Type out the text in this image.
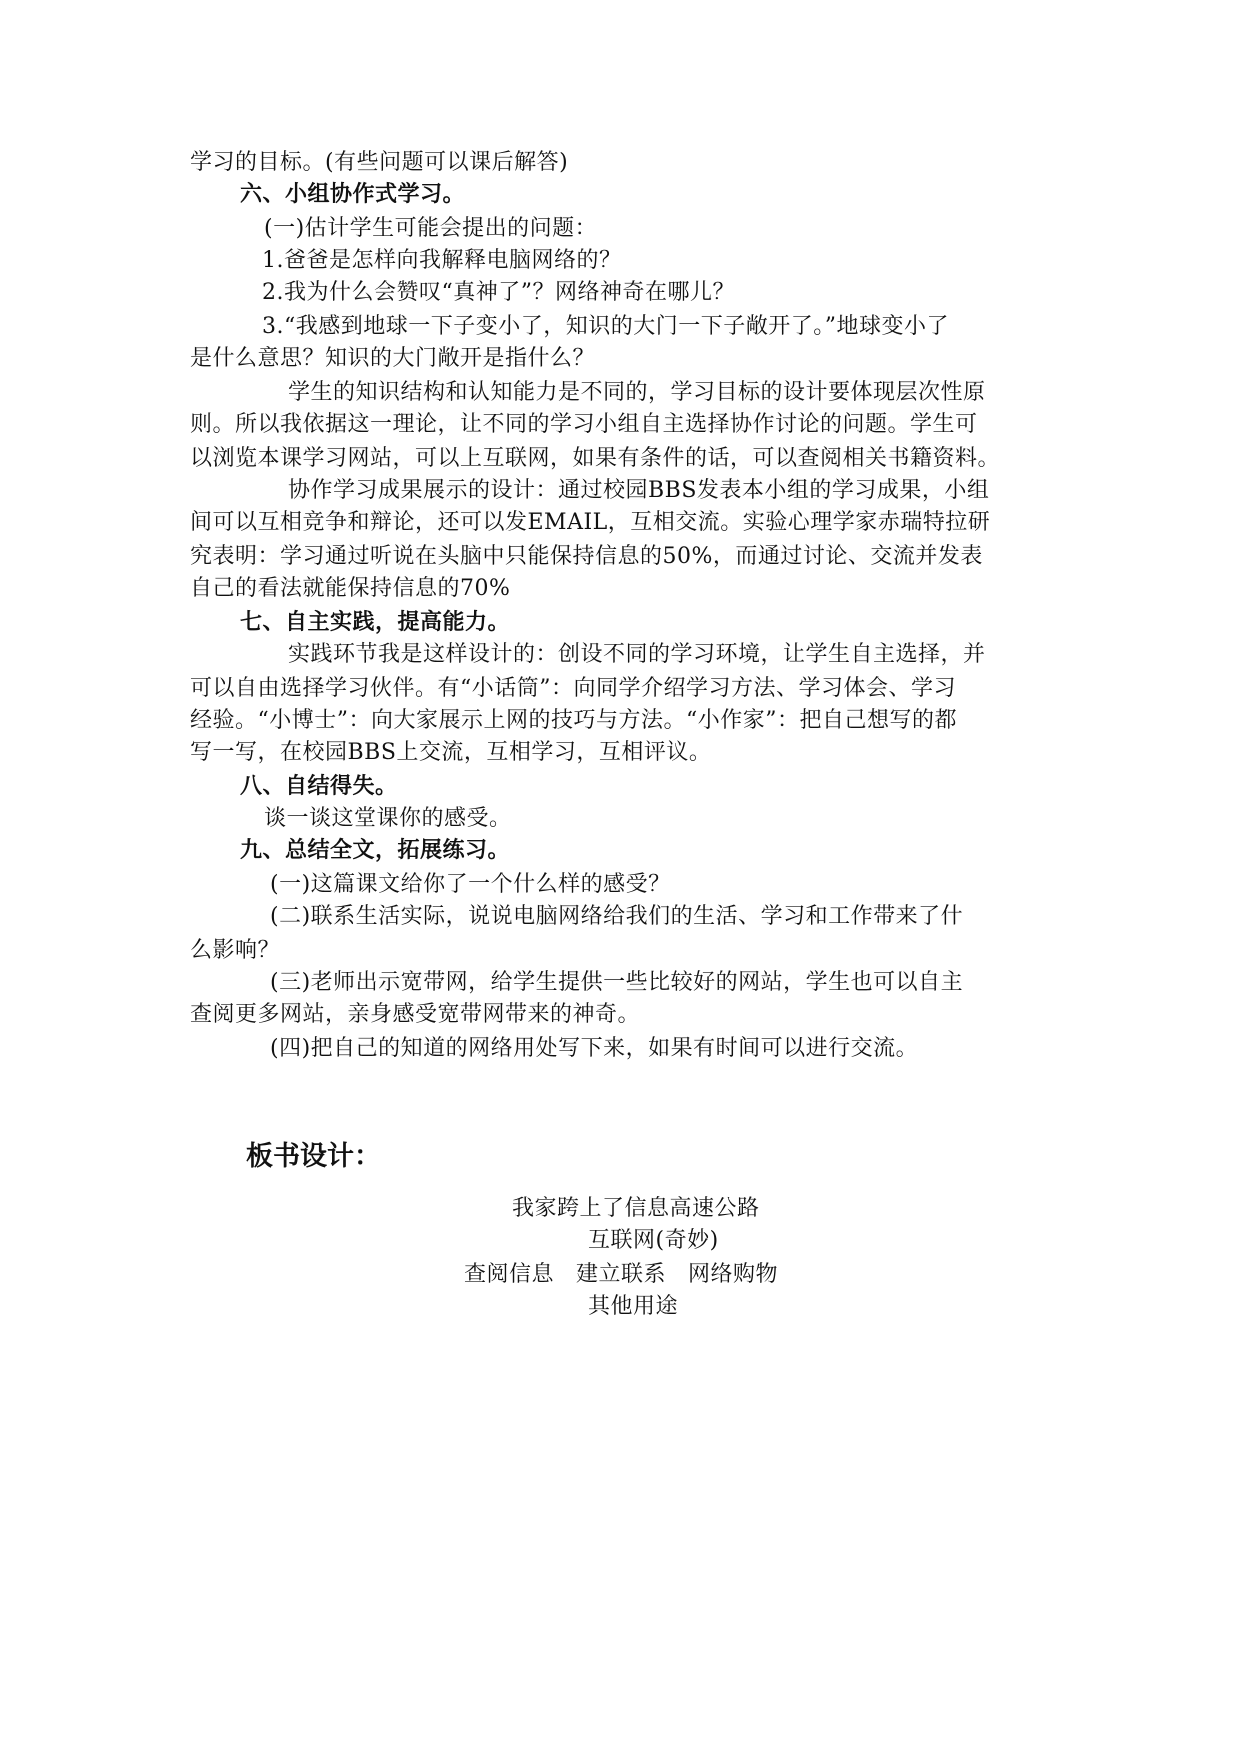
学习的目标。(有些问题可以课后解答)
六、小组协作式学习。
(一)估计学生可能会提出的问题：
1.爸爸是怎样向我解释电脑网络的？
2.我为什么会赞叹“真神了”？网络神奇在哪儿？
3.“我感到地球一下子变小了，知识的大门一下子敞开了。”地球变小了
是什么意思？知识的大门敞开是指什么？
学生的知识结构和认知能力是不同的，学习目标的设计要体现层次性原
则。所以我依据这一理论，让不同的学习小组自主选择协作讨论的问题。学生可
以浏览本课学习网站，可以上互联网，如果有条件的话，可以查阅相关书籍资料。
协作学习成果展示的设计：通过校园BBS发表本小组的学习成果，小组
间可以互相竞争和辩论，还可以发EMAIL，互相交流。实验心理学家赤瑞特拉研
究表明：学习通过听说在头脑中只能保持信息的50%，而通过讨论、交流并发表
自己的看法就能保持信息的70%
七、自主实践，提高能力。
实践环节我是这样设计的：创设不同的学习环境，让学生自主选择，并
可以自由选择学习伙伴。有“小话筒”：向同学介绍学习方法、学习体会、学习
经验。“小博士”：向大家展示上网的技巧与方法。“小作家”：把自己想写的都
写一写，在校园BBS上交流，互相学习，互相评议。
八、自结得失。
谈一谈这堂课你的感受。
九、总结全文，拓展练习。
(一)这篇课文给你了一个什么样的感受？
(二)联系生活实际，说说电脑网络给我们的生活、学习和工作带来了什
么影响？
(三)老师出示宽带网，给学生提供一些比较好的网站，学生也可以自主
查阅更多网站，亲身感受宽带网带来的神奇。
(四)把自己的知道的网络用处写下来，如果有时间可以进行交流。
板书设计：
我家跨上了信息高速公路
互联网(奇妙)
查阅信息 建立联系 网络购物
其他用途
